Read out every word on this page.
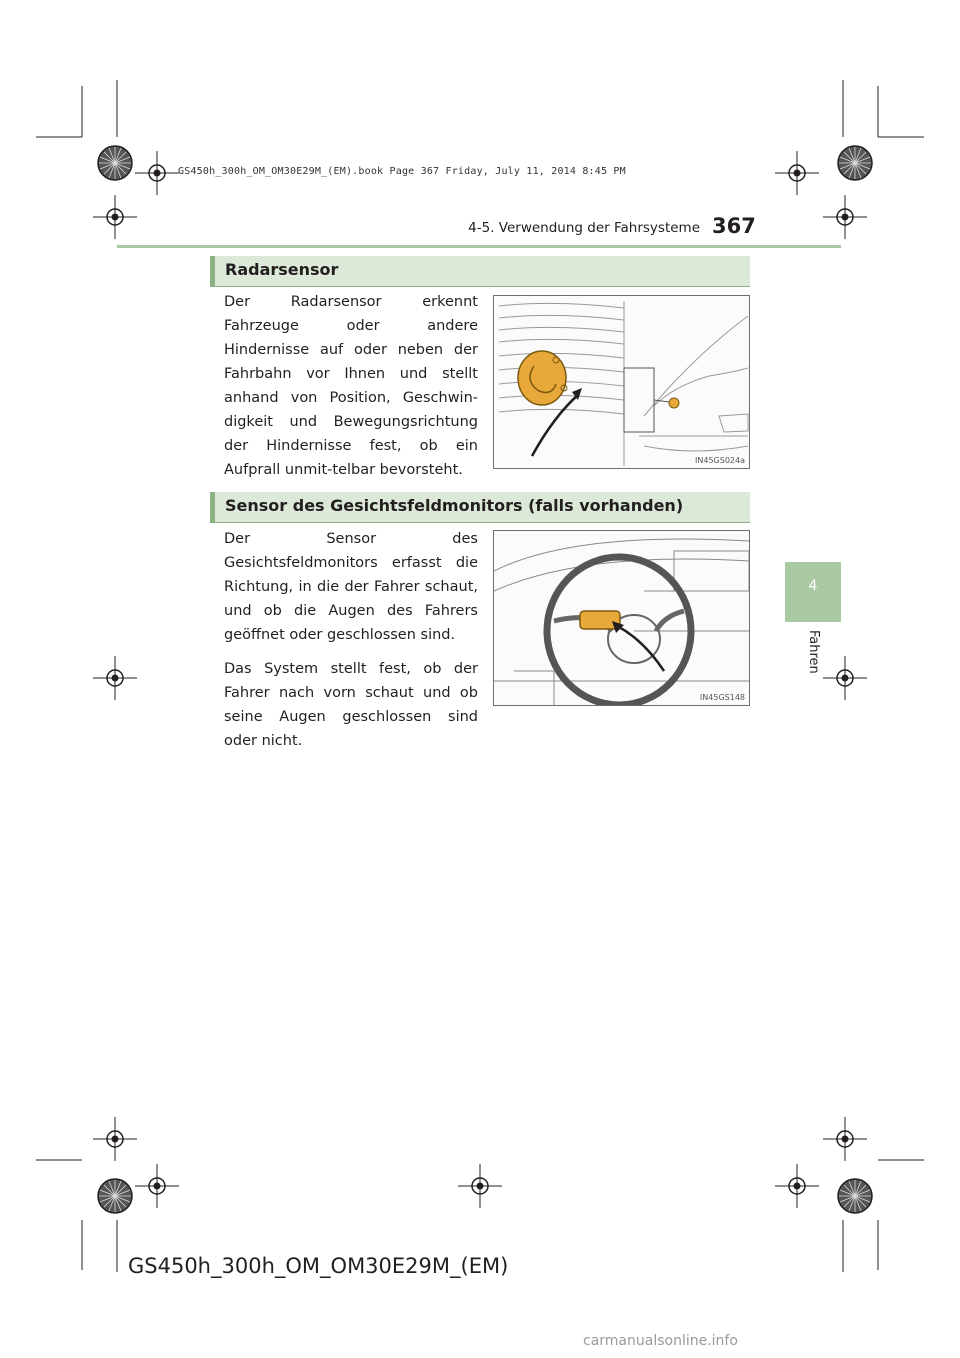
GS450h_300h_OM_OM30E29M_(EM).book Page 367 Friday, July 11, 2014 8:45 PM
4-5. Verwendung der Fahrsysteme 367
4
Fahren
Radarsensor

Der Radarsensor erkennt Fahrzeuge oder andere Hindernisse auf oder neben der Fahrbahn vor Ihnen und stellt anhand von Position, Geschwin-digkeit und Bewegungsrichtung der Hindernisse fest, ob ein Aufprall unmit-telbar bevorsteht.

IN45GS024a
Sensor des Gesichtsfeldmonitors (falls vorhanden)

Der Sensor des Gesichtsfeldmonitors erfasst die Richtung, in die der Fahrer schaut, und ob die Augen des Fahrers geöffnet oder geschlossen sind.

Das System stellt fest, ob der Fahrer nach vorn schaut und ob seine Augen geschlossen sind oder nicht.

IN45GS148
GS450h_300h_OM_OM30E29M_(EM)
carmanualsonline.info
